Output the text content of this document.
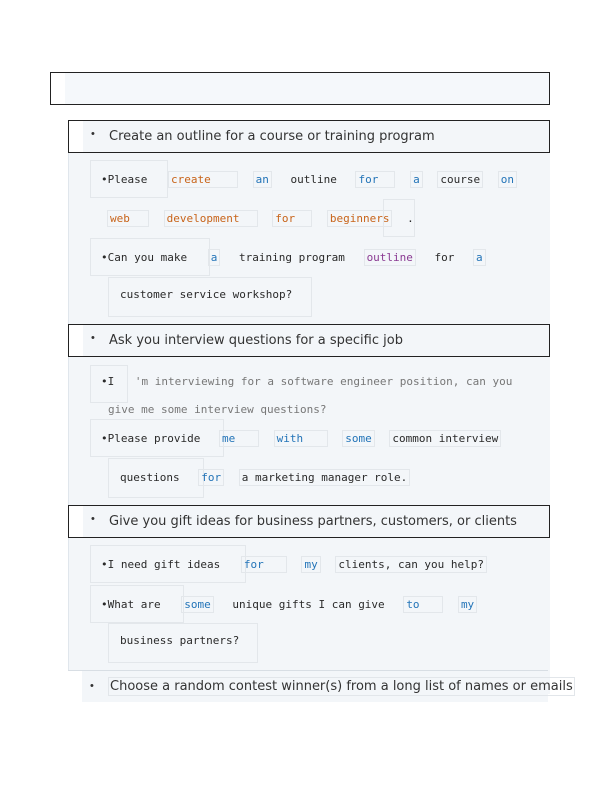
• Create an outline for a course or training program
•Please create	an outline for	a course on
web	development	for	beginners .
•Can you make a training program outline for a
customer service workshop?
• Ask you interview questions for a specific job
•I 'm interviewing for a software engineer position, can you
give me some interview questions?
•Please provide me	with	some common interview
questions for a marketing manager role.
• Give you gift ideas for business partners, customers, or clients
•I need gift ideas for	my clients, can you help?
•What are some unique gifts I can give to	my
business partners?
• Choose a random contest winner(s) from a long list of names or emails
